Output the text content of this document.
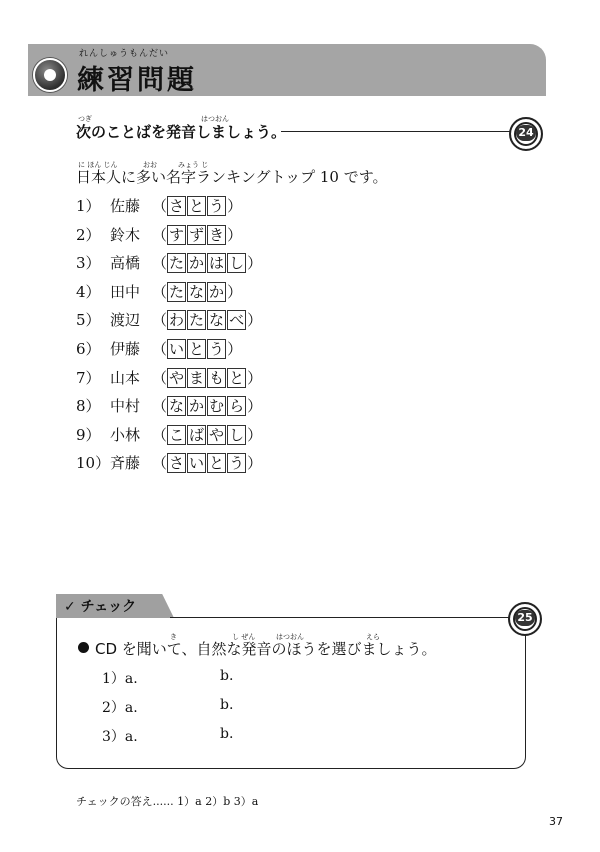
れんしゅうもんだい
練習問題
つぎ	はつおん
次のことばを発音しましょう。	24
に ほん じん	おお	みょう じ
日本人に多い名字ランキングトップ 10 です。
1） 佐藤 （ さ と う ）
2） 鈴木 （ す ず き ）
3） 高橋 （ た か は し ）
4） 田中 （ た な か ）
5） 渡辺 （ わ た な べ ）
6） 伊藤 （ い と う ）
7） 山本 （ や ま も と ）
8） 中村 （ な か む ら ）
9） 小林 （ こ ば や し ）
10）斉藤 （ さ い と う ）
✓ チェック
25
き	し ぜん	はつおん	えら
CD を聞いて、自然な発音のほうを選びましょう。
1）a.	b.
2）a.	b.
3）a.	b.
チェックの答え...... 1）a 2）b 3）a
37
